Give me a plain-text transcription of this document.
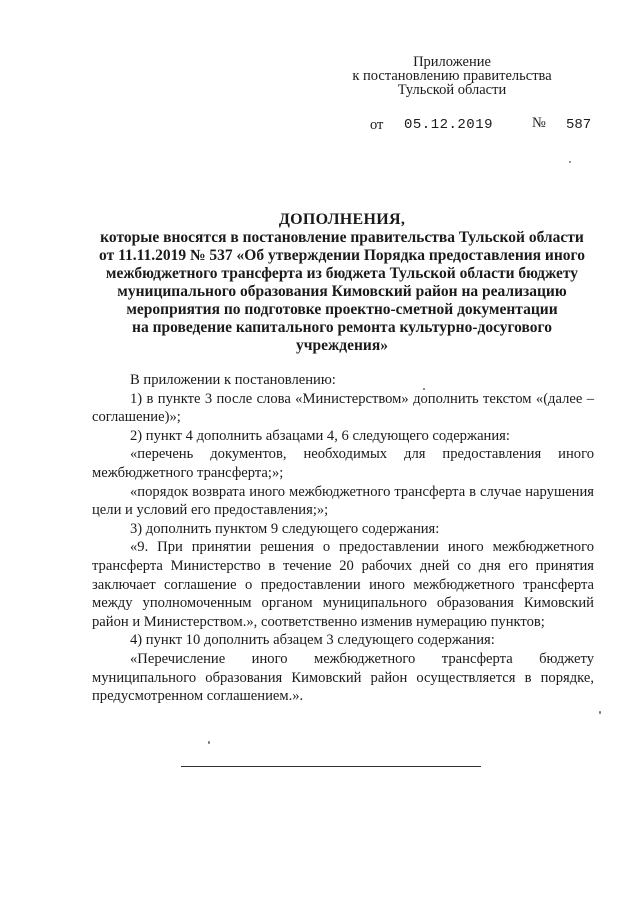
Приложение
к постановлению правительства
Тульской области
от 05.12.2019	№ 587
ДОПОЛНЕНИЯ,
которые вносятся в постановление правительства Тульской области
от 11.11.2019 № 537 «Об утверждении Порядка предоставления иного
межбюджетного трансферта из бюджета Тульской области бюджету
муниципального образования Кимовский район на реализацию
мероприятия по подготовке проектно-сметной документации
на проведение капитального ремонта культурно-досугового
учреждения»

В приложении к постановлению:

1) в пункте 3 после слова «Министерством» дополнить текстом «(далее – соглашение)»;

2) пункт 4 дополнить абзацами 4, 6 следующего содержания:

«перечень документов, необходимых для предоставления иного межбюджетного трансферта;»;

«порядок возврата иного межбюджетного трансферта в случае нарушения цели и условий его предоставления;»;

3) дополнить пунктом 9 следующего содержания:

«9. При принятии решения о предоставлении иного межбюджетного трансферта Министерство в течение 20 рабочих дней со дня его принятия заключает соглашение о предоставлении иного межбюджетного трансферта между уполномоченным органом муниципального образования Кимовский район и Министерством.», соответственно изменив нумерацию пунктов;

4) пункт 10 дополнить абзацем 3 следующего содержания:

«Перечисление иного межбюджетного трансферта бюджету муниципального образования Кимовский район осуществляется в порядке, предусмотренном соглашением.».
